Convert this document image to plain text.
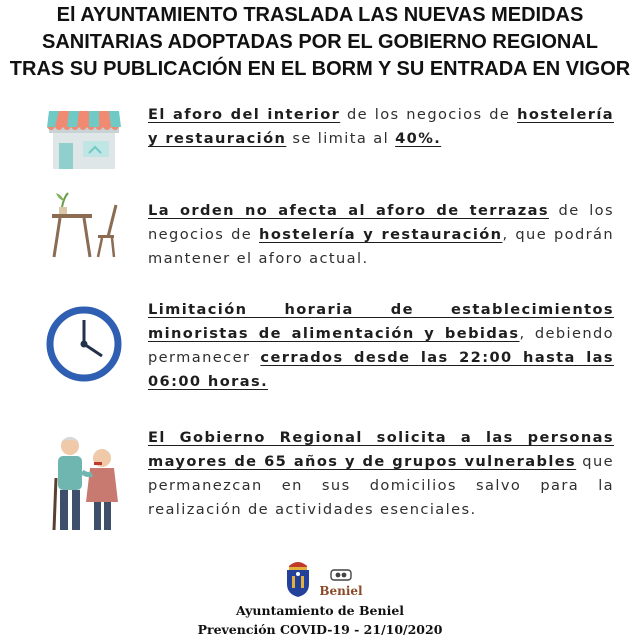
El AYUNTAMIENTO TRASLADA LAS NUEVAS MEDIDAS
SANITARIAS ADOPTADAS POR EL GOBIERNO REGIONAL
TRAS SU PUBLICACIÓN EN EL BORM Y SU ENTRADA EN VIGOR
El aforo del interior de los negocios de hostelería y restauración se limita al 40%.
La orden no afecta al aforo de terrazas de los negocios de hostelería y restauración, que podrán mantener el aforo actual.
Limitación horaria de establecimientos minoristas de alimentación y bebidas, debiendo permanecer cerrados desde las 22:00 hasta las 06:00 horas.
El Gobierno Regional solicita a las personas mayores de 65 años y de grupos vulnerables que permanezcan en sus domicilios salvo para la realización de actividades esenciales.
Beniel
Ayuntamiento de Beniel
Prevención COVID-19 - 21/10/2020
